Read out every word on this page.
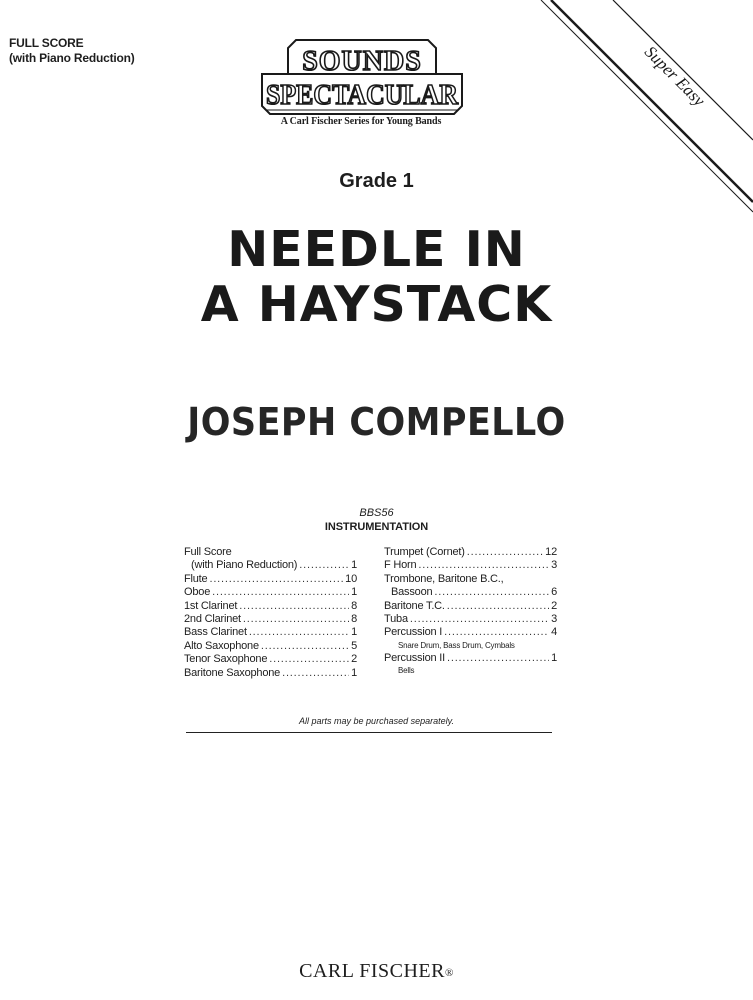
FULL SCORE
(with Piano Reduction)	SOUNDS
SPECTACULAR
A Carl Fischer Series for Young Bands
Super Easy
Grade 1
NEEDLE IN
A HAYSTACK
JOSEPH COMPELLO
BBS56
INSTRUMENTATION
Full Score
(with Piano Reduction) .....	1
Flute .....	10
Oboe .....	1
1st Clarinet .....	8
2nd Clarinet .....	8
Bass Clarinet .....	1
Alto Saxophone .....	5
Tenor Saxophone .....	2
Baritone Saxophone .....	1
Trumpet (Cornet) .....	12
F Horn .....	3
Trombone, Baritone B.C.,
Bassoon .....	6
Baritone T.C. .....	2
Tuba .....	3
Percussion I .....	4
Snare Drum, Bass Drum, Cymbals
Percussion II .....	1
Bells
All parts may be purchased separately.
CARL FISCHER®
